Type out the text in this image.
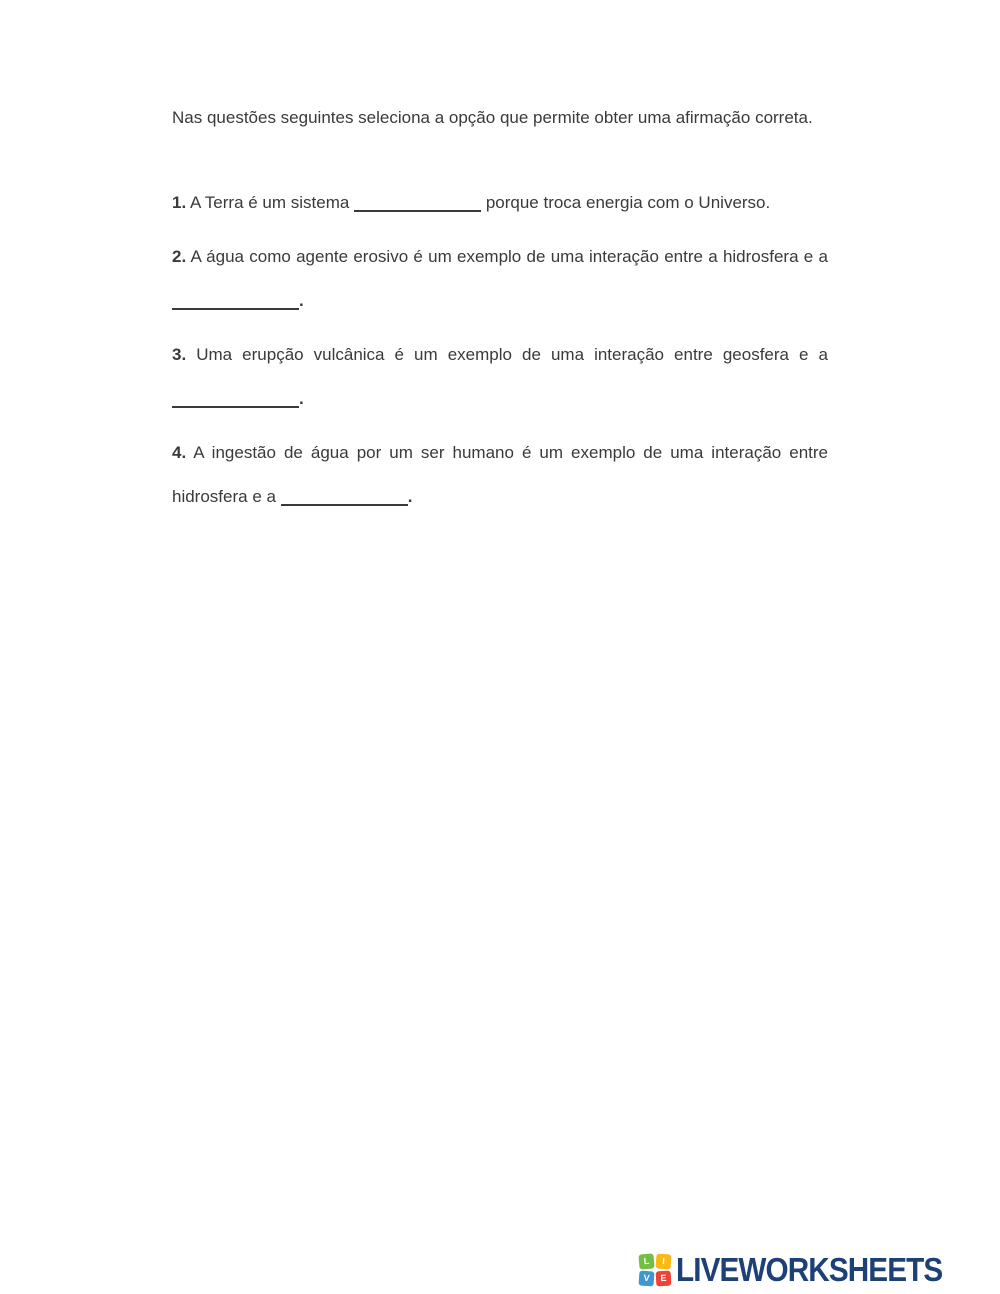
Nas questões seguintes seleciona a opção que permite obter uma afirmação correta.

1. A Terra é um sistema	porque troca energia com o Universo.

2. A água como agente erosivo é um exemplo de uma interação entre a hidrosfera e a .

3. Uma erupção vulcânica é um exemplo de uma interação entre geosfera e a .

4. A ingestão de água por um ser humano é um exemplo de uma interação entre hidrosfera e a	.

L	I
V	E LIVEWORKSHEETS
